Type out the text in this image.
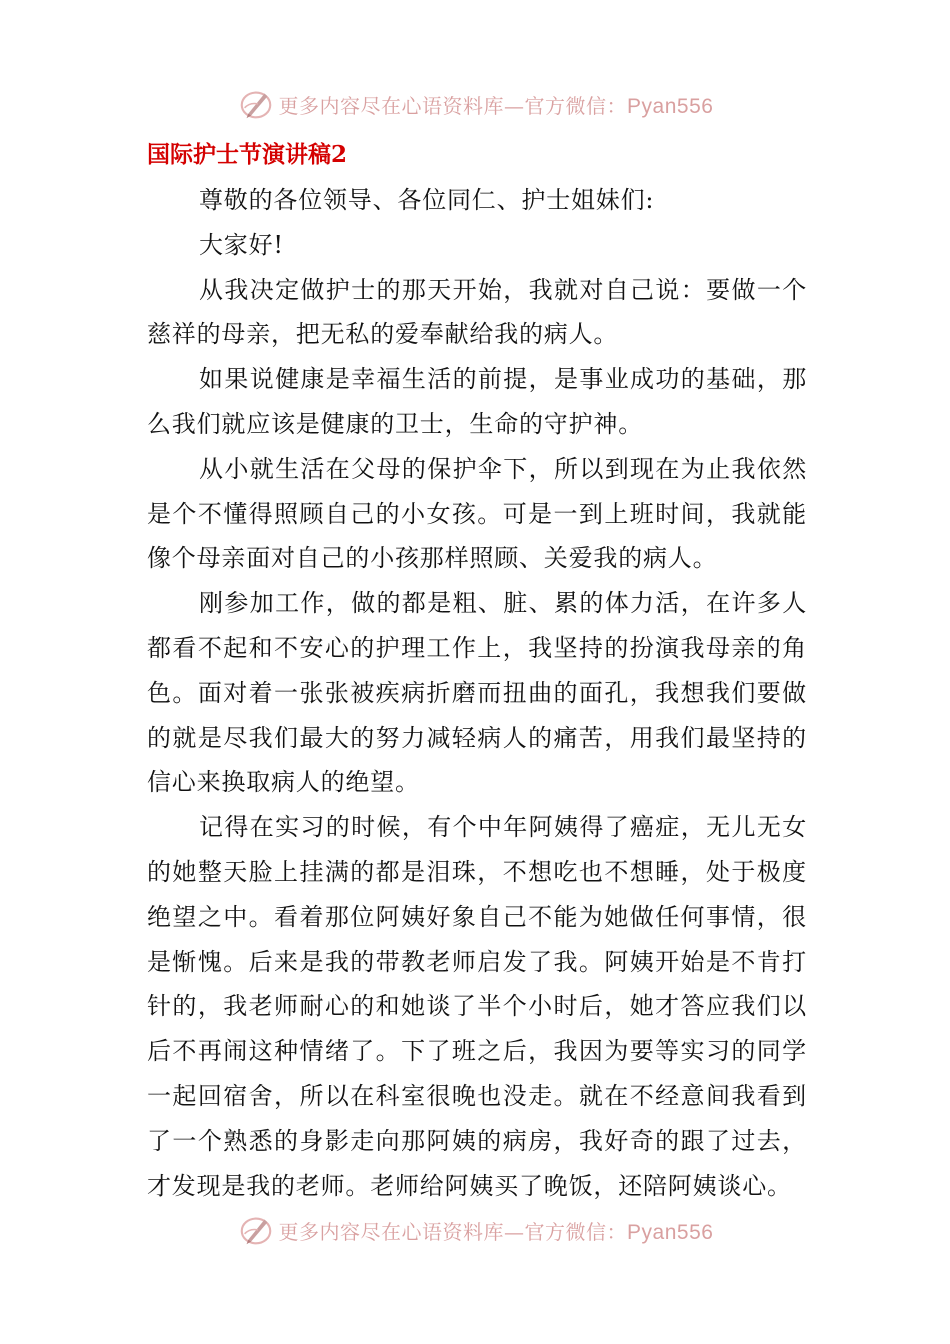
更多内容尽在心语资料库—官方微信：Pyan556
国际护士节演讲稿2

尊敬的各位领导、各位同仁、护士姐妹们:

大家好!

从我决定做护士的那天开始，我就对自己说：要做一个慈祥的母亲，把无私的爱奉献给我的病人。

如果说健康是幸福生活的前提，是事业成功的基础，那么我们就应该是健康的卫士，生命的守护神。

从小就生活在父母的保护伞下，所以到现在为止我依然是个不懂得照顾自己的小女孩。可是一到上班时间，我就能像个母亲面对自己的小孩那样照顾、关爱我的病人。

刚参加工作，做的都是粗、脏、累的体力活，在许多人都看不起和不安心的护理工作上，我坚持的扮演我母亲的角色。面对着一张张被疾病折磨而扭曲的面孔，我想我们要做的就是尽我们最大的努力减轻病人的痛苦，用我们最坚持的信心来换取病人的绝望。

记得在实习的时候，有个中年阿姨得了癌症，无儿无女的她整天脸上挂满的都是泪珠，不想吃也不想睡，处于极度绝望之中。看着那位阿姨好象自己不能为她做任何事情，很是惭愧。后来是我的带教老师启发了我。阿姨开始是不肯打针的，我老师耐心的和她谈了半个小时后，她才答应我们以后不再闹这种情绪了。下了班之后，我因为要等实习的同学一起回宿舍，所以在科室很晚也没走。就在不经意间我看到了一个熟悉的身影走向那阿姨的病房，我好奇的跟了过去，才发现是我的老师。老师给阿姨买了晚饭，还陪阿姨谈心。

更多内容尽在心语资料库—官方微信：Pyan556
